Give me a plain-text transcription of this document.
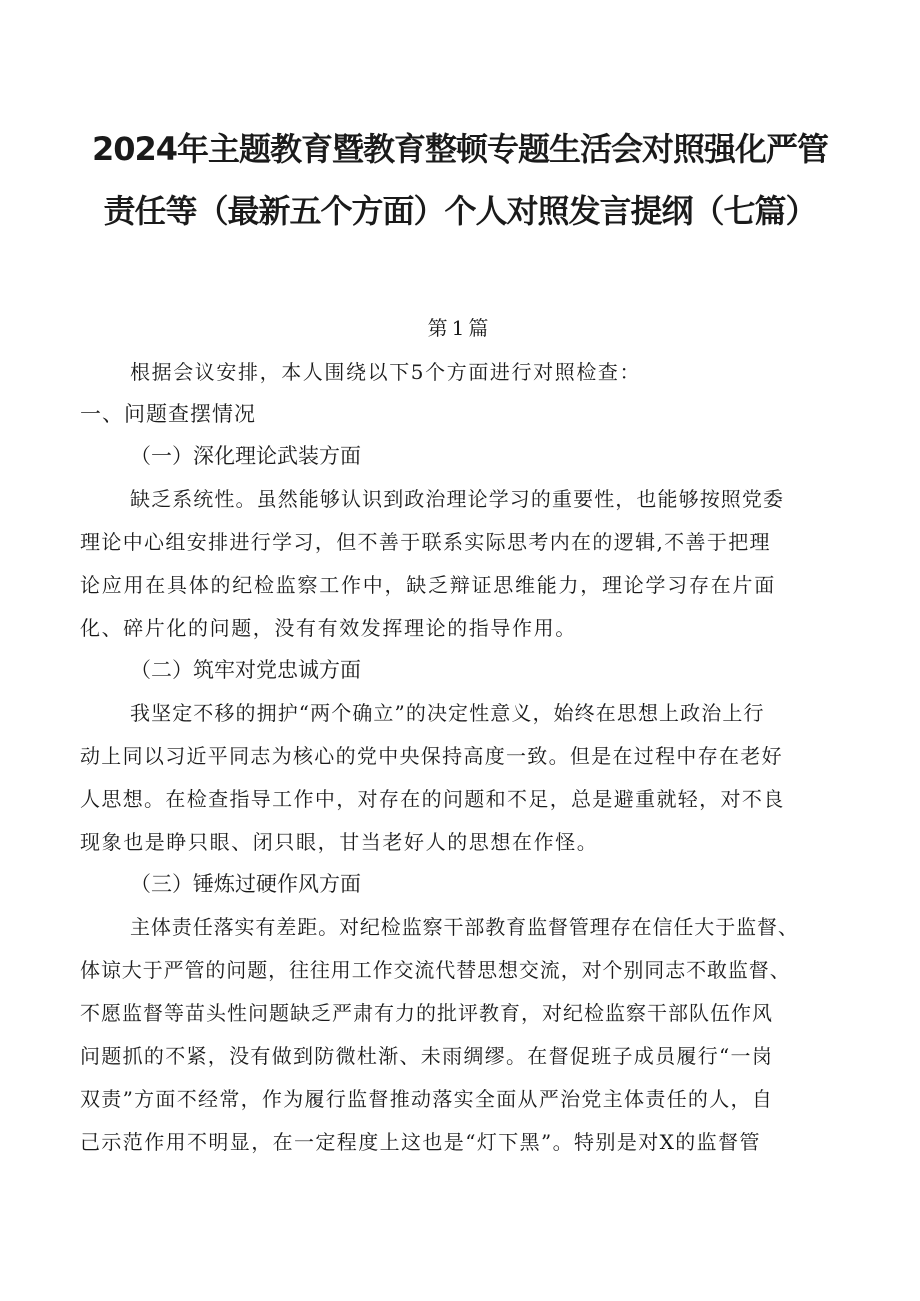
2024年主题教育暨教育整顿专题生活会对照强化严管
责任等（最新五个方面）个人对照发言提纲（七篇）
第1篇
根据会议安排，本人围绕以下5个方面进行对照检查：
一、问题查摆情况
（一）深化理论武装方面
缺乏系统性。虽然能够认识到政治理论学习的重要性，也能够按照党委
理论中心组安排进行学习，但不善于联系实际思考内在的逻辑,不善于把理
论应用在具体的纪检监察工作中，缺乏辩证思维能力，理论学习存在片面
化、碎片化的问题，没有有效发挥理论的指导作用。
（二）筑牢对党忠诚方面
我坚定不移的拥护“两个确立”的决定性意义，始终在思想上政治上行
动上同以习近平同志为核心的党中央保持高度一致。但是在过程中存在老好
人思想。在检查指导工作中，对存在的问题和不足，总是避重就轻，对不良
现象也是睁只眼、闭只眼，甘当老好人的思想在作怪。
（三）锤炼过硬作风方面
主体责任落实有差距。对纪检监察干部教育监督管理存在信任大于监督、
体谅大于严管的问题，往往用工作交流代替思想交流，对个别同志不敢监督、
不愿监督等苗头性问题缺乏严肃有力的批评教育，对纪检监察干部队伍作风
问题抓的不紧，没有做到防微杜渐、未雨绸缪。在督促班子成员履行“一岗
双责”方面不经常，作为履行监督推动落实全面从严治党主体责任的人，自
己示范作用不明显，在一定程度上这也是“灯下黑”。特别是对X的监督管
